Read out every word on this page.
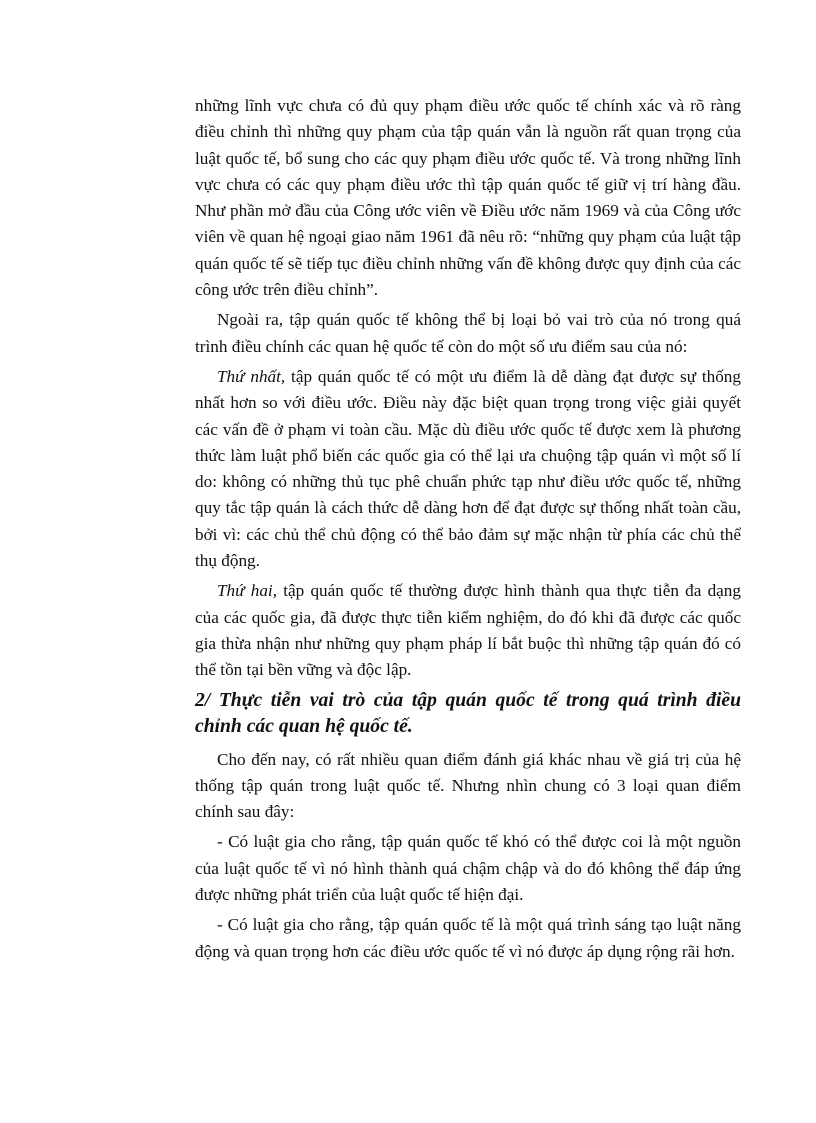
những lĩnh vực chưa có đủ quy phạm điều ước quốc tế chính xác và rõ ràng điều chỉnh thì những quy phạm của tập quán vẫn là nguồn rất quan trọng của luật quốc tế, bổ sung cho các quy phạm điều ước quốc tế. Và trong những lĩnh vực chưa có các quy phạm điều ước thì tập quán quốc tế giữ vị trí hàng đầu. Như phần mở đầu của Công ước viên về Điều ước năm 1969 và của Công ước viên về quan hệ ngoại giao năm 1961 đã nêu rõ: “những quy phạm của luật tập quán quốc tế sẽ tiếp tục điều chỉnh những vấn đề không được quy định của các công ước trên điều chỉnh”.

Ngoài ra, tập quán quốc tế không thể bị loại bỏ vai trò của nó trong quá trình điều chính các quan hệ quốc tế còn do một số ưu điểm sau của nó:

Thứ nhất, tập quán quốc tế có một ưu điểm là dễ dàng đạt được sự thống nhất hơn so với điều ước. Điều này đặc biệt quan trọng trong việc giải quyết các vấn đề ở phạm vi toàn cầu. Mặc dù điều ước quốc tế được xem là phương thức làm luật phổ biến các quốc gia có thể lại ưa chuộng tập quán vì một số lí do: không có những thủ tục phê chuẩn phức tạp như điều ước quốc tế, những quy tắc tập quán là cách thức dễ dàng hơn để đạt được sự thống nhất toàn cầu, bởi vì: các chủ thể chủ động có thể bảo đảm sự mặc nhận từ phía các chủ thể thụ động.

Thứ hai, tập quán quốc tế thường được hình thành qua thực tiễn đa dạng của các quốc gia, đã được thực tiễn kiểm nghiệm, do đó khi đã được các quốc gia thừa nhận như những quy phạm pháp lí bắt buộc thì những tập quán đó có thể tồn tại bền vững và độc lập.

2/ Thực tiễn vai trò của tập quán quốc tế trong quá trình điều chỉnh các quan hệ quốc tế.

Cho đến nay, có rất nhiều quan điểm đánh giá khác nhau về giá trị của hệ thống tập quán trong luật quốc tế. Nhưng nhìn chung có 3 loại quan điểm chính sau đây:

- Có luật gia cho rằng, tập quán quốc tế khó có thể được coi là một nguồn của luật quốc tế vì nó hình thành quá chậm chập và do đó không thể đáp ứng được những phát triển của luật quốc tế hiện đại.

- Có luật gia cho rằng, tập quán quốc tế là một quá trình sáng tạo luật năng động và quan trọng hơn các điều ước quốc tế vì nó được áp dụng rộng rãi hơn.
